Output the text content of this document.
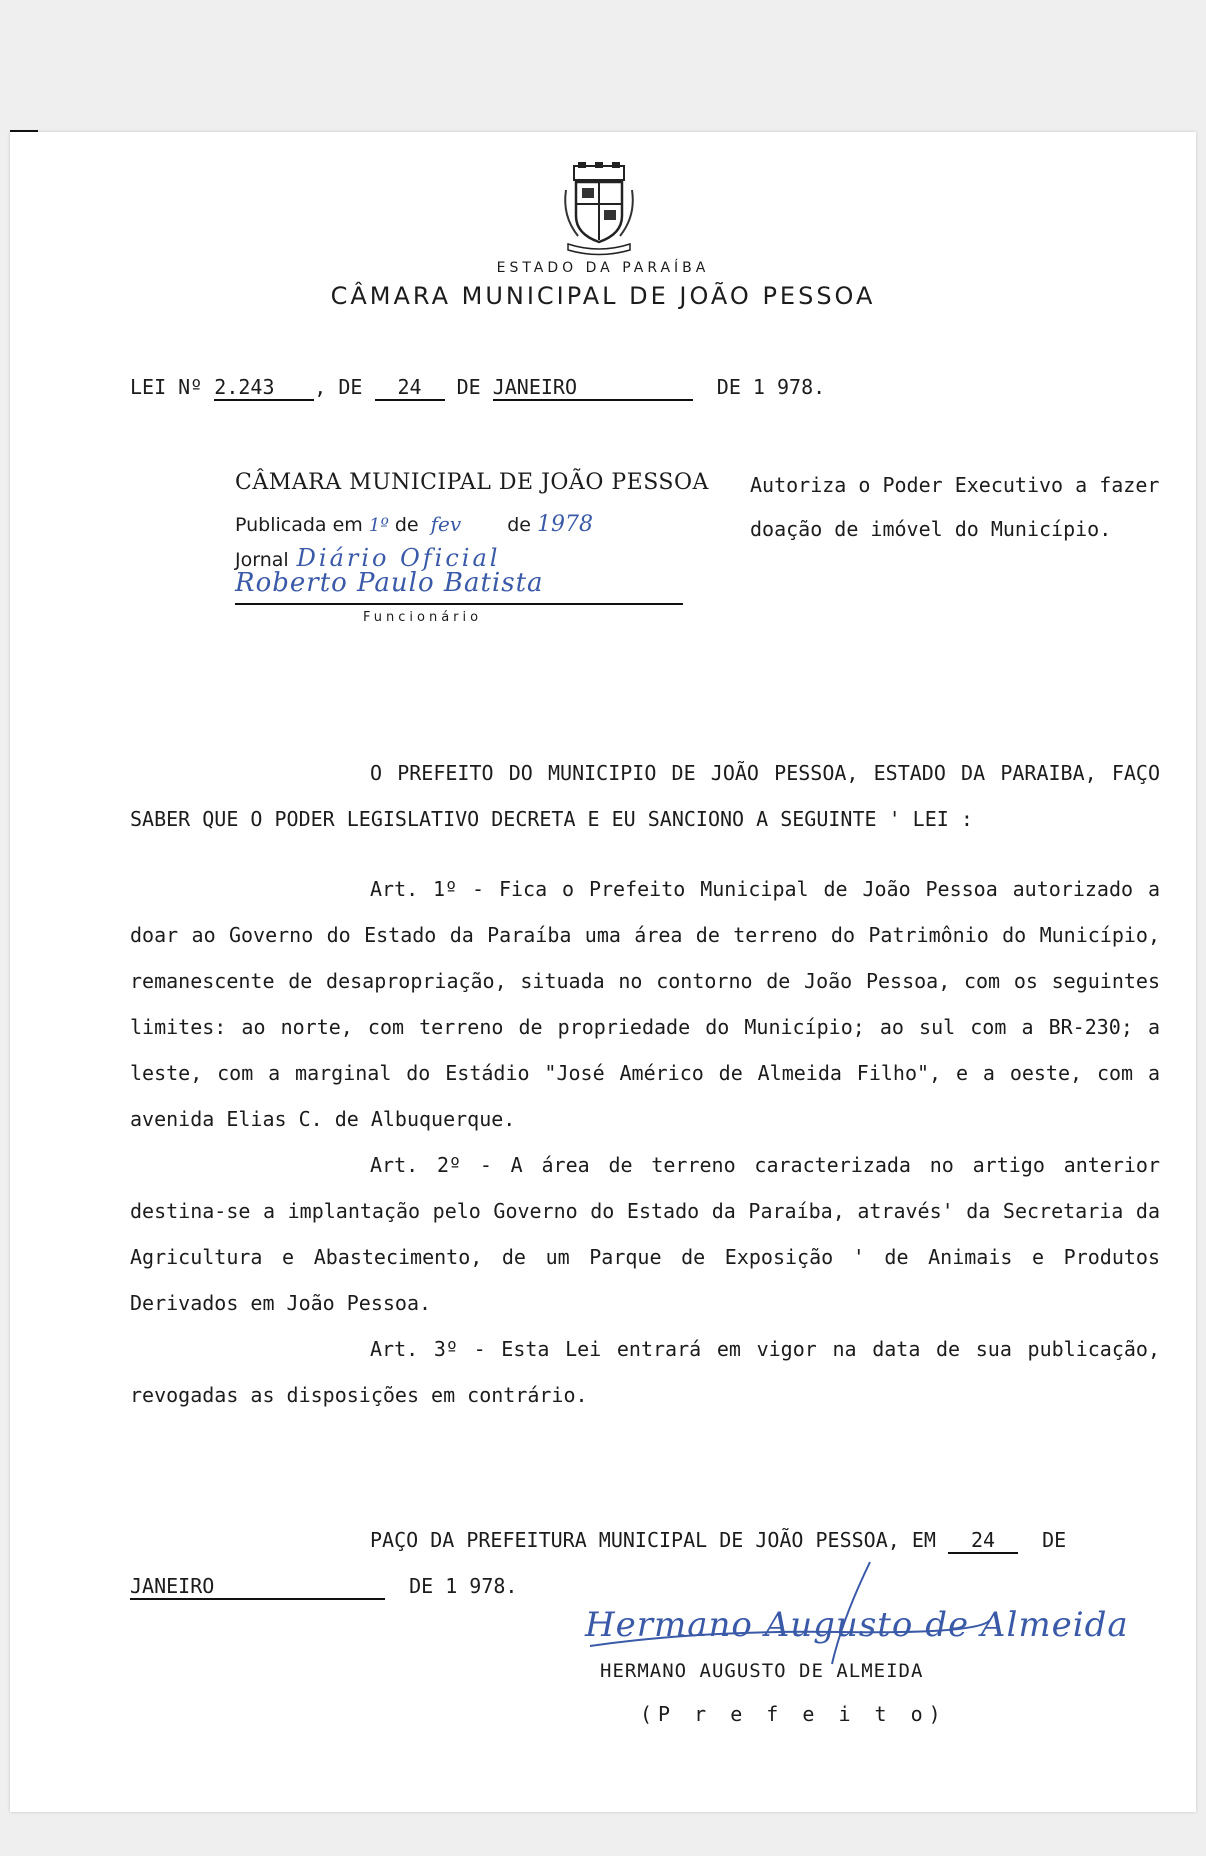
ESTADO DA PARAÍBA
CÂMARA MUNICIPAL DE JOÃO PESSOA
LEI Nº 2.243 , DE 24 DE JANEIRO	DE 1 978.
CÂMARA MUNICIPAL DE JOÃO PESSOA
Publicada em 1º de fev de 1978
Jornal Diário Oficial
Roberto Paulo Batista
Funcionário
Autoriza o Poder Executivo a fazer doação de imóvel do Município.

O PREFEITO DO MUNICIPIO DE JOÃO PESSOA, ESTADO DA PARAIBA, FAÇO SABER QUE O PODER LEGISLATIVO DECRETA E EU SANCIONO A SEGUINTE ' LEI :

Art. 1º - Fica o Prefeito Municipal de João Pessoa autorizado a doar ao Governo do Estado da Paraíba uma área de terreno do Patrimônio do Município, remanescente de desapropriação, situada no contorno de João Pessoa, com os seguintes limites: ao norte, com terreno de propriedade do Município; ao sul com a BR-230; a leste, com a marginal do Estádio "José Américo de Almeida Filho", e a oeste, com a avenida Elias C. de Albuquerque.

Art. 2º - A área de terreno caracterizada no artigo anterior destina-se a implantação pelo Governo do Estado da Paraíba, através' da Secretaria da Agricultura e Abastecimento, de um Parque de Exposição ' de Animais e Produtos Derivados em João Pessoa.

Art. 3º - Esta Lei entrará em vigor na data de sua publicação, revogadas as disposições em contrário.

PAÇO DA PREFEITURA MUNICIPAL DE JOÃO PESSOA, EM 24 DE
JANEIRO	DE 1 978.
Hermano Augusto de Almeida
HERMANO AUGUSTO DE ALMEIDA
(P r e f e i t o)
